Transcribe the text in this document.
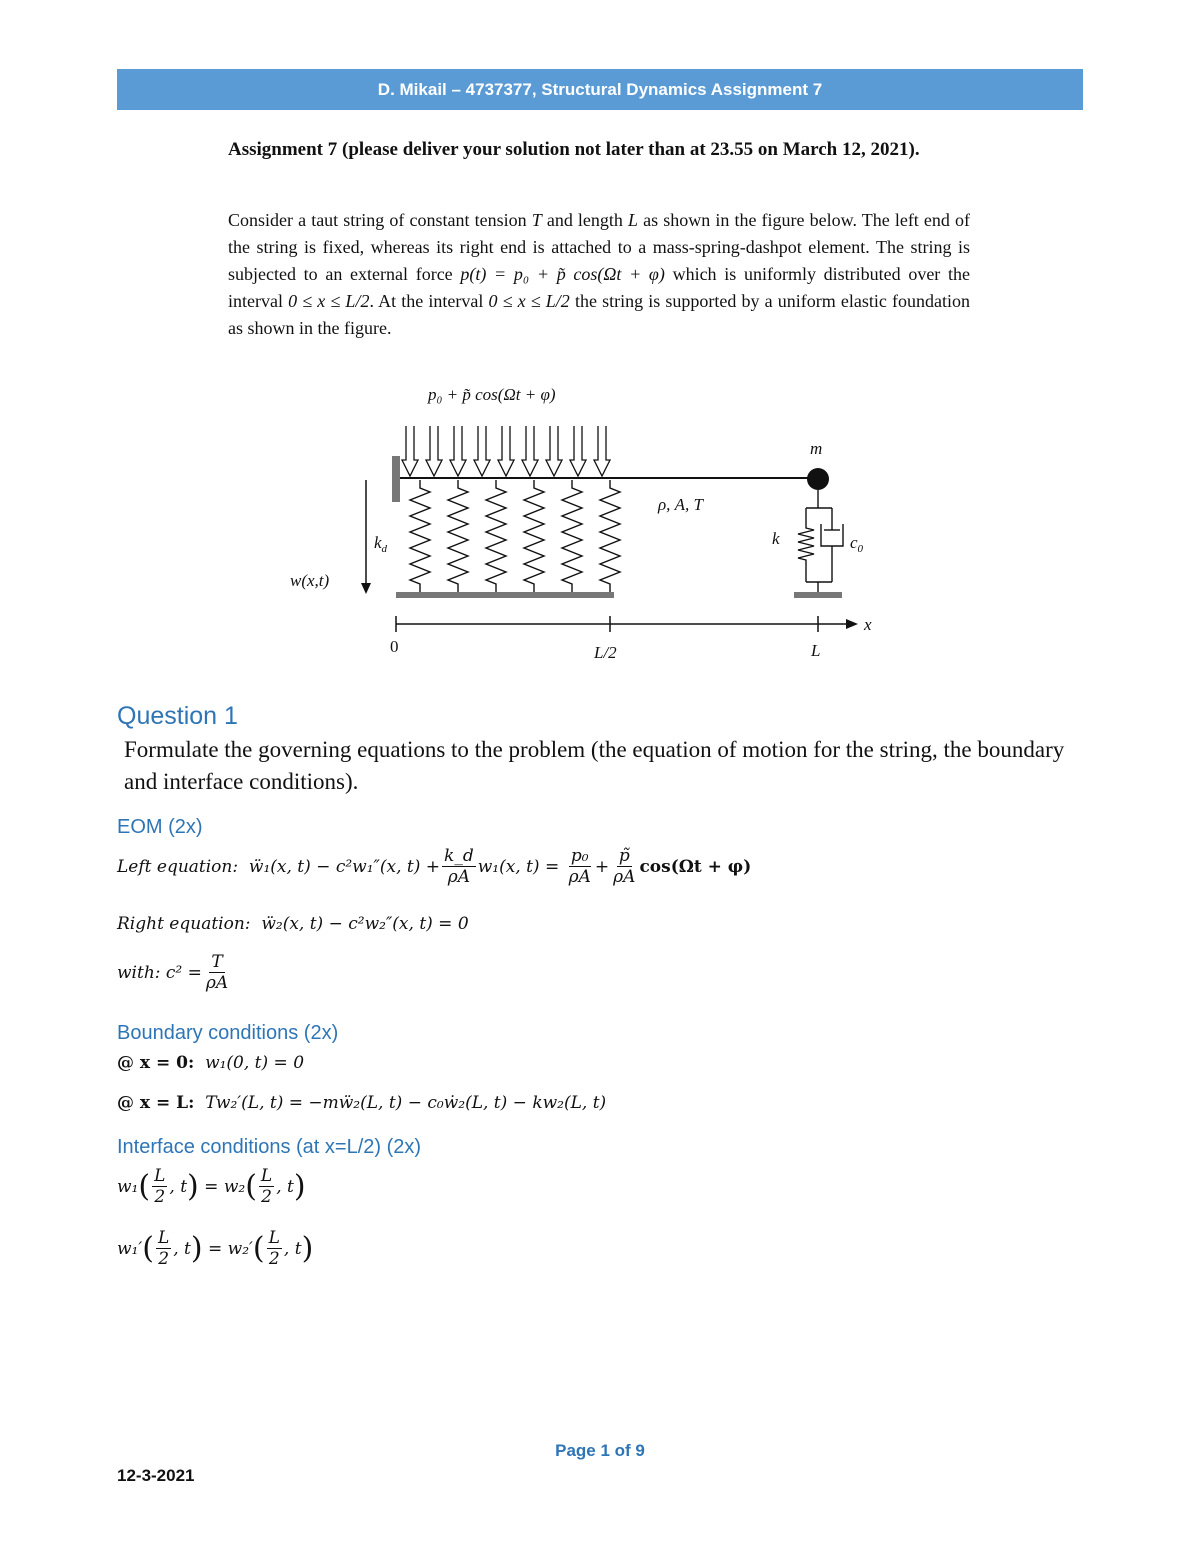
D. Mikail – 4737377, Structural Dynamics Assignment 7
Assignment 7 (please deliver your solution not later than at 23.55 on March 12, 2021).
Consider a taut string of constant tension T and length L as shown in the figure below. The left end of the string is fixed, whereas its right end is attached to a mass-spring-dashpot element. The string is subjected to an external force p(t) = p₀ + p̃ cos(Ωt + φ) which is uniformly distributed over the interval 0 ≤ x ≤ L/2. At the interval 0 ≤ x ≤ L/2 the string is supported by a uniform elastic foundation as shown in the figure.
p₀ + p̃ cos(Ωt + φ)
m
ρ, A, T
$k_d$
k	$c_0$
w(x,t)
x
0	L/2	L
Question 1
Formulate the governing equations to the problem (the equation of motion for the string, the boundary and interface conditions).
EOM (2x)
Left equation:
ẅ₁(x, t) − c²w₁″(x, $t) + \frac{k\_d}{\rho A} w_1(x$, t) =
$\frac{\text{p₀}}{\rho A} + \frac{p̃}{\rho A} \cos(\Omega t + \varphi)$
Right equation:
ẅ₂(x, t) − c²w₂″(x, t) = 0
with: $c^2 = \frac{T}{\rho A}$
Boundary conditions (2x)
@ x = 0:
w₁(0, t) = 0
@ x = L:
Tw₂′(L, t) = −mẅ₂(L, t) − c₀ẇ₂(L, t) − kw₂(L, t)
Interface conditions (at x=L/2) (2x)
w₁ ( $\frac{L}{2}$ , t )
=
w₂ ( $\frac{L}{2}$ , t )
w₁′ ( $\frac{L}{2}$ , t )
=
w₂′ ( $\frac{L}{2}$ , t )
Page 1 of 9
12-3-2021
